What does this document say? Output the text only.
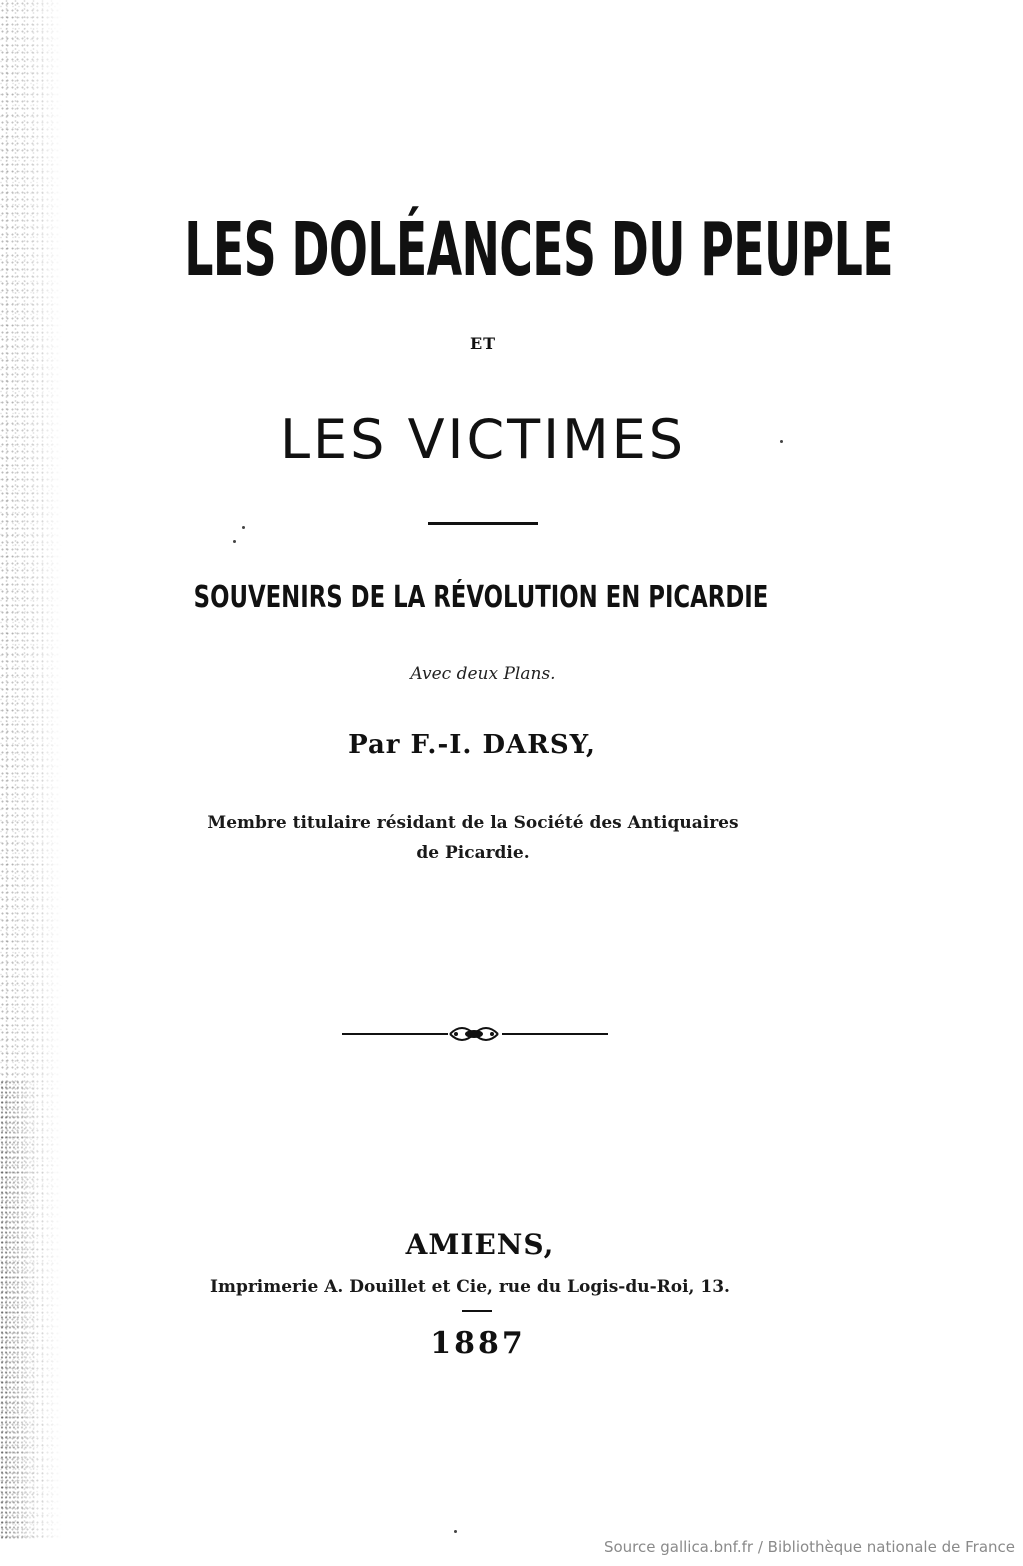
LES DOLÉANCES DU PEUPLE
ET
LES VICTIMES
SOUVENIRS DE LA RÉVOLUTION EN PICARDIE
Avec deux Plans.
Par F.-I. DARSY,
Membre titulaire résidant de la Société des Antiquaires
de Picardie.
AMIENS,
Imprimerie A. Douillet et Cie, rue du Logis-du-Roi, 13.
1887
Source gallica.bnf.fr / Bibliothèque nationale de France
